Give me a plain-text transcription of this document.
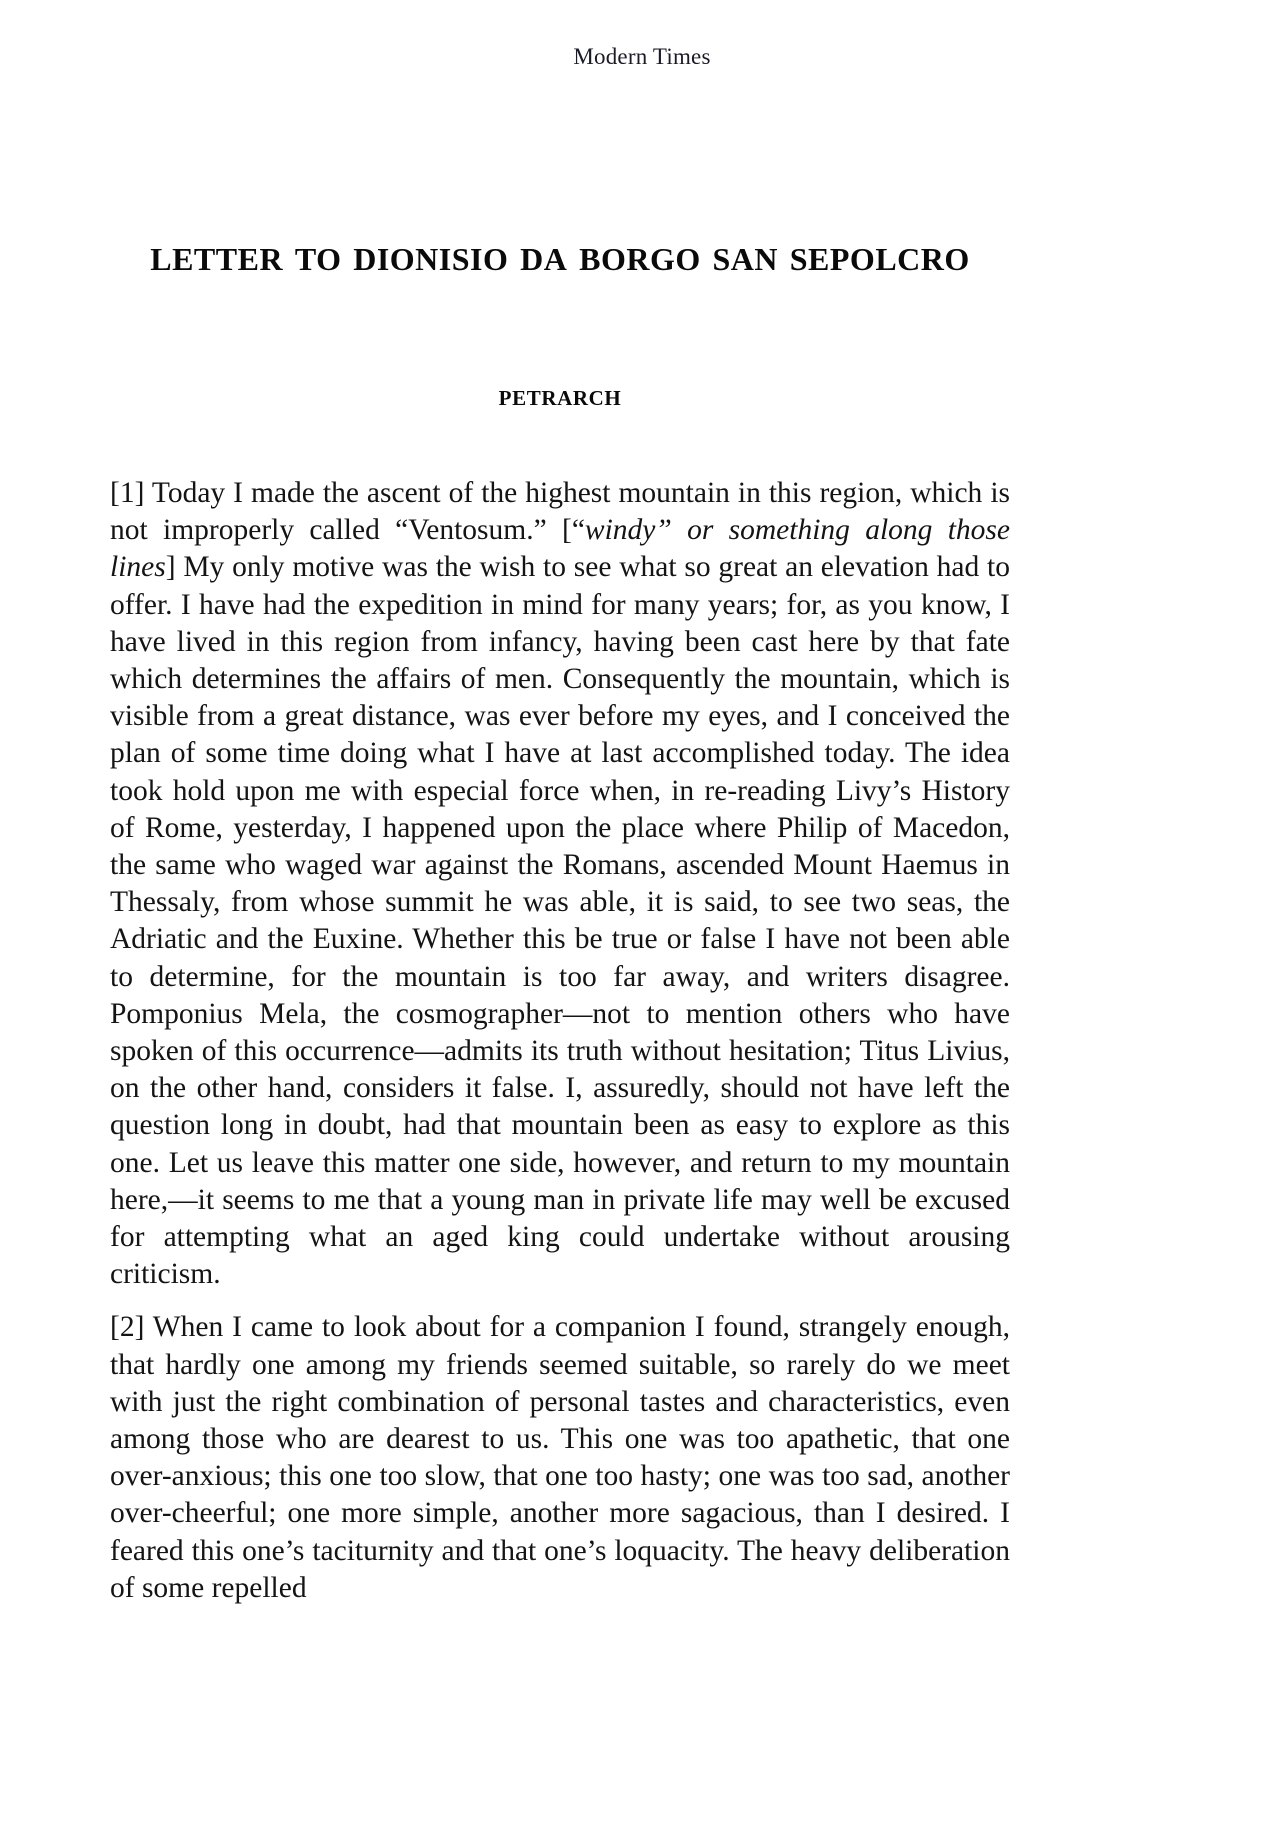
Modern Times
letter to dionisio da borgo san sepolcro
petrarch

[1] Today I made the ascent of the highest mountain in this region, which is not improperly called “Ventosum.” [“windy” or something along those lines] My only motive was the wish to see what so great an elevation had to offer. I have had the expedition in mind for many years; for, as you know, I have lived in this region from infancy, having been cast here by that fate which determines the affairs of men. Consequently the mountain, which is visible from a great distance, was ever before my eyes, and I conceived the plan of some time doing what I have at last accomplished today. The idea took hold upon me with especial force when, in re-reading Livy’s History of Rome, yesterday, I happened upon the place where Philip of Macedon, the same who waged war against the Romans, ascended Mount Haemus in Thessaly, from whose summit he was able, it is said, to see two seas, the Adriatic and the Euxine. Whether this be true or false I have not been able to determine, for the mountain is too far away, and writers disagree. Pomponius Mela, the cosmographer—not to mention others who have spoken of this occurrence—admits its truth without hesitation; Titus Livius, on the other hand, considers it false. I, assuredly, should not have left the question long in doubt, had that mountain been as easy to explore as this one. Let us leave this matter one side, however, and return to my mountain here,—it seems to me that a young man in private life may well be excused for attempting what an aged king could undertake without arousing criticism.

[2] When I came to look about for a companion I found, strangely enough, that hardly one among my friends seemed suitable, so rarely do we meet with just the right combination of personal tastes and characteristics, even among those who are dearest to us. This one was too apathetic, that one over-anxious; this one too slow, that one too hasty; one was too sad, another over-cheerful; one more simple, another more sagacious, than I desired. I feared this one’s taciturnity and that one’s loquacity. The heavy deliberation of some repelled
